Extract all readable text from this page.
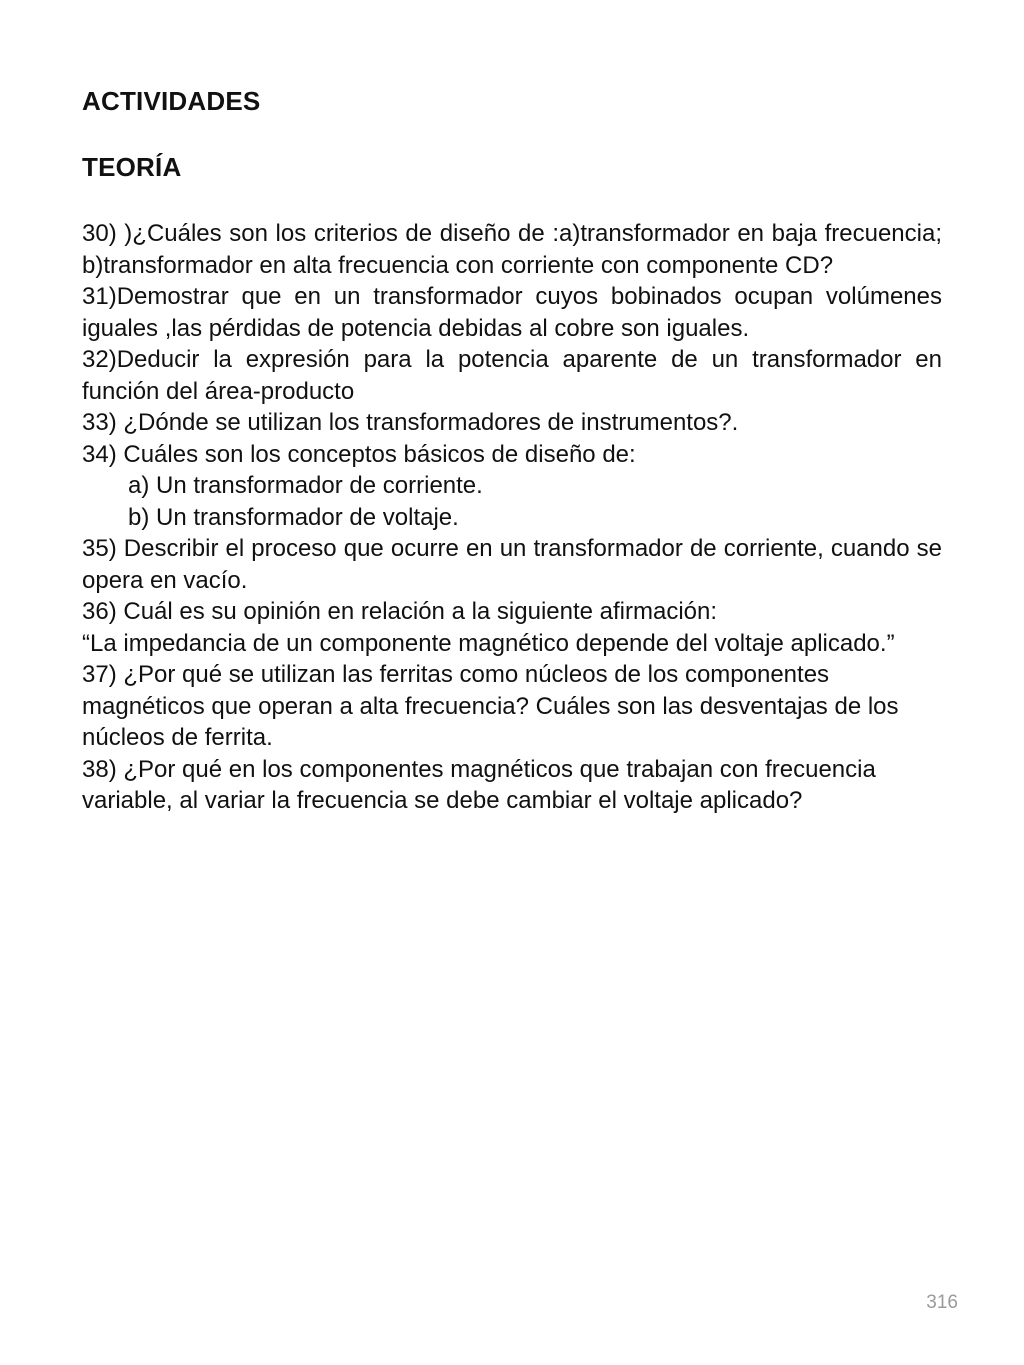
ACTIVIDADES
TEORÍA

30) )¿Cuáles son los criterios de diseño de :a)transformador en baja frecuencia; b)transformador en alta frecuencia con corriente con componente CD?

31)Demostrar que en un transformador cuyos bobinados ocupan volúmenes iguales ,las pérdidas de potencia debidas al cobre son iguales.

32)Deducir la expresión para la potencia aparente de un transformador en función del área-producto

33) ¿Dónde se utilizan los transformadores de instrumentos?.

34) Cuáles son los conceptos básicos de diseño de:

a) Un transformador de corriente.

b) Un transformador de voltaje.

35) Describir el proceso que ocurre en un transformador de corriente, cuando se opera en vacío.

36) Cuál es su opinión en relación a la siguiente afirmación:

“La impedancia de un componente magnético depende del voltaje aplicado.”

37) ¿Por qué se utilizan las ferritas como núcleos de los componentes magnéticos que operan a alta frecuencia? Cuáles son las desventajas de los núcleos de ferrita.

38) ¿Por qué en los componentes magnéticos que trabajan con frecuencia variable, al variar la frecuencia se debe cambiar el voltaje aplicado?

316
